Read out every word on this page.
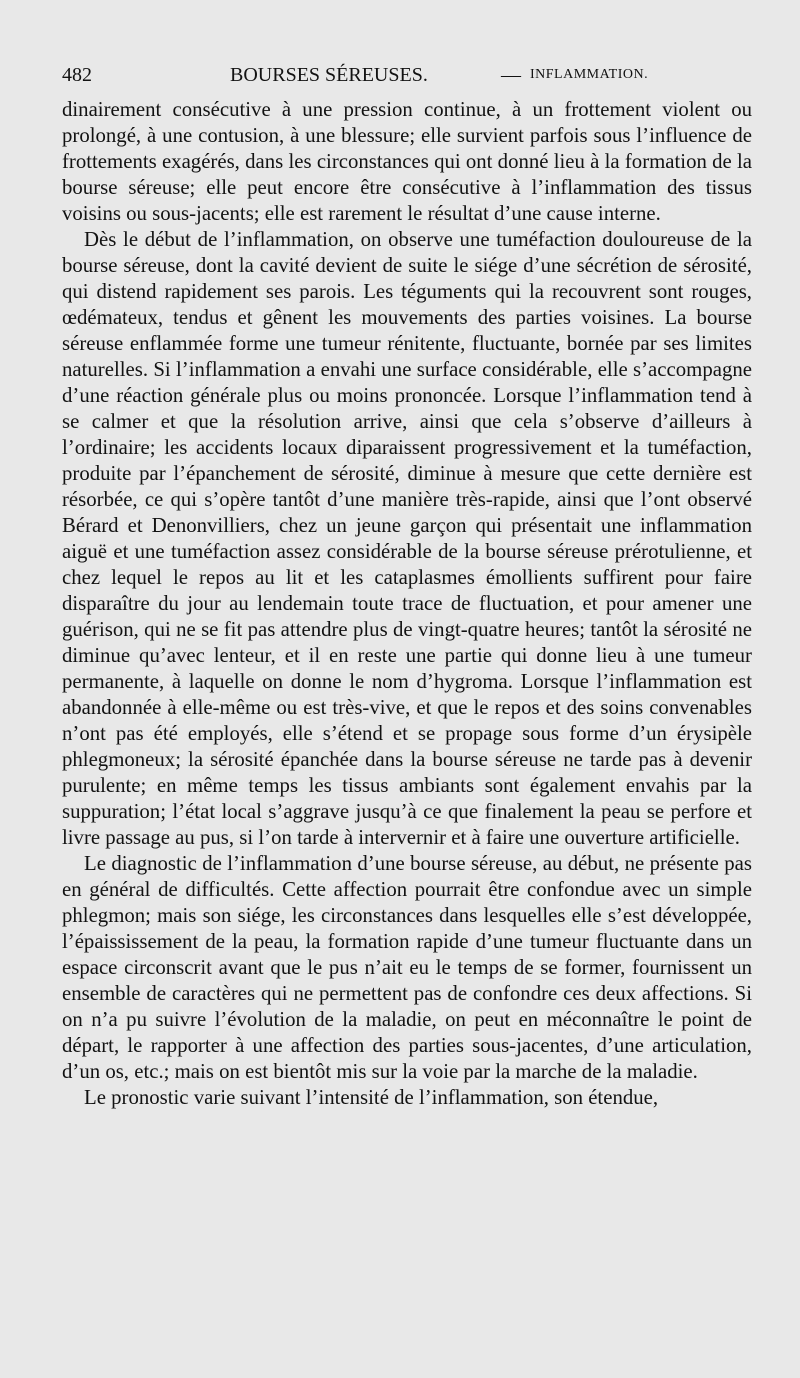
482	BOURSES SÉREUSES.	— INFLAMMATION.

dinairement consécutive à une pression continue, à un frottement violent ou prolongé, à une contusion, à une blessure; elle survient parfois sous l’influence de frottements exagérés, dans les circonstances qui ont donné lieu à la formation de la bourse séreuse; elle peut encore être consécutive à l’inflammation des tissus voisins ou sous-jacents; elle est rarement le résultat d’une cause interne.

Dès le début de l’inflammation, on observe une tuméfaction douloureuse de la bourse séreuse, dont la cavité devient de suite le siége d’une sécrétion de sérosité, qui distend rapidement ses parois. Les téguments qui la recouvrent sont rouges, œdémateux, tendus et gênent les mouvements des parties voisines. La bourse séreuse enflammée forme une tumeur rénitente, fluctuante, bornée par ses limites naturelles. Si l’inflammation a envahi une surface considérable, elle s’accompagne d’une réaction générale plus ou moins prononcée. Lorsque l’inflammation tend à se calmer et que la résolution arrive, ainsi que cela s’observe d’ailleurs à l’ordinaire; les accidents locaux diparaissent progressivement et la tuméfaction, produite par l’épanchement de sérosité, diminue à mesure que cette dernière est résorbée, ce qui s’opère tantôt d’une manière très-rapide, ainsi que l’ont observé Bérard et Denonvilliers, chez un jeune garçon qui présentait une inflammation aiguë et une tuméfaction assez considérable de la bourse séreuse prérotulienne, et chez lequel le repos au lit et les cataplasmes émollients suffirent pour faire disparaître du jour au lendemain toute trace de fluctuation, et pour amener une guérison, qui ne se fit pas attendre plus de vingt-quatre heures; tantôt la sérosité ne diminue qu’avec lenteur, et il en reste une partie qui donne lieu à une tumeur permanente, à laquelle on donne le nom d’hygroma. Lorsque l’inflammation est abandonnée à elle-même ou est très-vive, et que le repos et des soins convenables n’ont pas été employés, elle s’étend et se propage sous forme d’un érysipèle phlegmoneux; la sérosité épanchée dans la bourse séreuse ne tarde pas à devenir purulente; en même temps les tissus ambiants sont également envahis par la suppuration; l’état local s’aggrave jusqu’à ce que finalement la peau se perfore et livre passage au pus, si l’on tarde à intervernir et à faire une ouverture artificielle.

Le diagnostic de l’inflammation d’une bourse séreuse, au début, ne présente pas en général de difficultés. Cette affection pourrait être confondue avec un simple phlegmon; mais son siége, les circonstances dans lesquelles elle s’est développée, l’épaississement de la peau, la formation rapide d’une tumeur fluctuante dans un espace circonscrit avant que le pus n’ait eu le temps de se former, fournissent un ensemble de caractères qui ne permettent pas de confondre ces deux affections. Si on n’a pu suivre l’évolution de la maladie, on peut en méconnaître le point de départ, le rapporter à une affection des parties sous-jacentes, d’une articulation, d’un os, etc.; mais on est bientôt mis sur la voie par la marche de la maladie.

Le pronostic varie suivant l’intensité de l’inflammation, son étendue,
